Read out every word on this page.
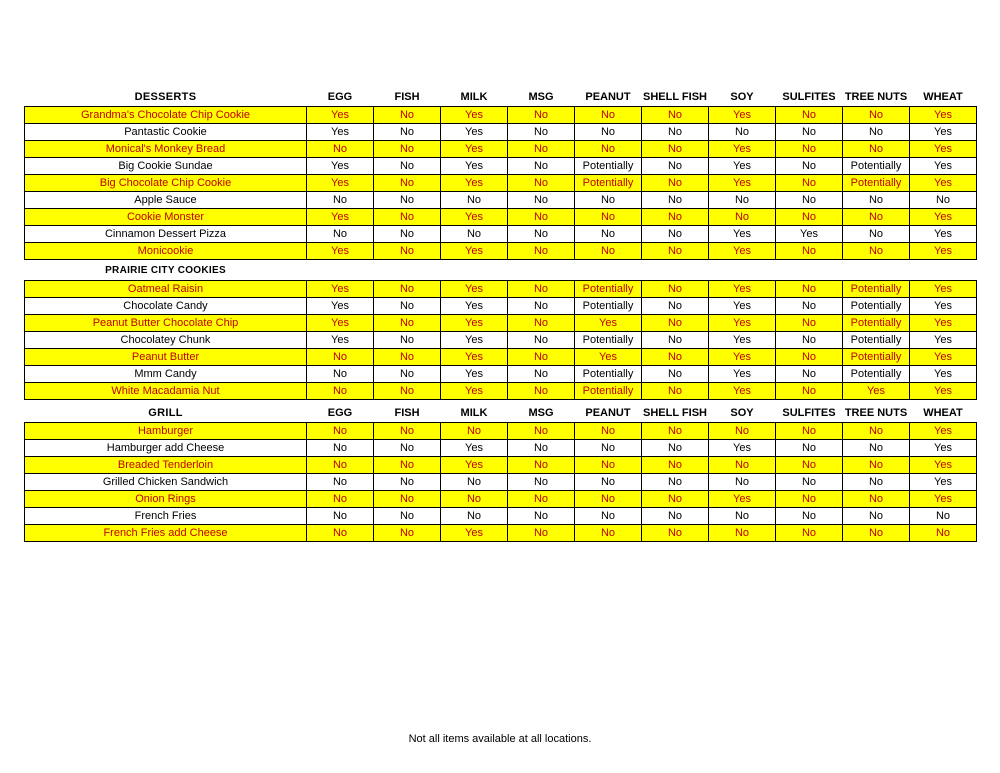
DESSERTS	EGG	FISH	MILK	MSG	PEANUT	SHELL FISH	SOY	SULFITES	TREE NUTS	WHEAT
Grandma's Chocolate Chip Cookie	Yes	No	Yes	No	No	No	Yes	No	No	Yes
Pantastic Cookie	Yes	No	Yes	No	No	No	No	No	No	Yes
Monical's Monkey Bread	No	No	Yes	No	No	No	Yes	No	No	Yes
Big Cookie Sundae	Yes	No	Yes	No	Potentially	No	Yes	No	Potentially	Yes
Big Chocolate Chip Cookie	Yes	No	Yes	No	Potentially	No	Yes	No	Potentially	Yes
Apple Sauce	No	No	No	No	No	No	No	No	No	No
Cookie Monster	Yes	No	Yes	No	No	No	No	No	No	Yes
Cinnamon Dessert Pizza	No	No	No	No	No	No	Yes	Yes	No	Yes
Monicookie	Yes	No	Yes	No	No	No	Yes	No	No	Yes
PRAIRIE CITY COOKIES										
Oatmeal Raisin	Yes	No	Yes	No	Potentially	No	Yes	No	Potentially	Yes
Chocolate Candy	Yes	No	Yes	No	Potentially	No	Yes	No	Potentially	Yes
Peanut Butter Chocolate Chip	Yes	No	Yes	No	Yes	No	Yes	No	Potentially	Yes
Chocolatey Chunk	Yes	No	Yes	No	Potentially	No	Yes	No	Potentially	Yes
Peanut Butter	No	No	Yes	No	Yes	No	Yes	No	Potentially	Yes
Mmm Candy	No	No	Yes	No	Potentially	No	Yes	No	Potentially	Yes
White Macadamia Nut	No	No	Yes	No	Potentially	No	Yes	No	Yes	Yes
GRILL	EGG	FISH	MILK	MSG	PEANUT	SHELL FISH	SOY	SULFITES	TREE NUTS	WHEAT
Hamburger	No	No	No	No	No	No	No	No	No	Yes
Hamburger add Cheese	No	No	Yes	No	No	No	Yes	No	No	Yes
Breaded Tenderloin	No	No	Yes	No	No	No	No	No	No	Yes
Grilled Chicken Sandwich	No	No	No	No	No	No	No	No	No	Yes
Onion Rings	No	No	No	No	No	No	Yes	No	No	Yes
French Fries	No	No	No	No	No	No	No	No	No	No
French Fries add Cheese	No	No	Yes	No	No	No	No	No	No	No
Not all items available at all locations.
